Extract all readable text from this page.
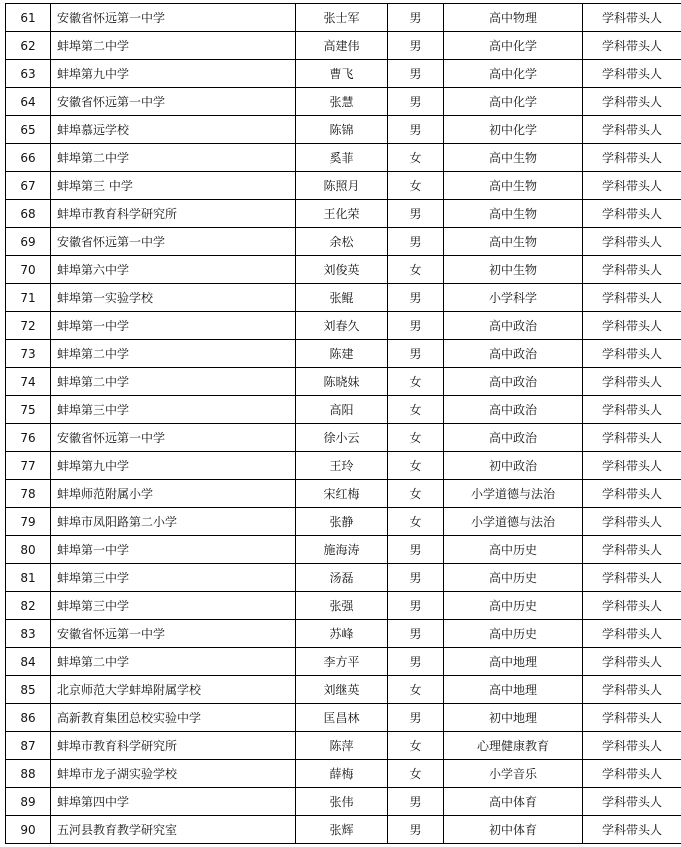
61	安徽省怀远第一中学	张士军	男	高中物理	学科带头人
62	蚌埠第二中学	高建伟	男	高中化学	学科带头人
63	蚌埠第九中学	曹飞	男	高中化学	学科带头人
64	安徽省怀远第一中学	张慧	男	高中化学	学科带头人
65	蚌埠慕远学校	陈锦	男	初中化学	学科带头人
66	蚌埠第二中学	奚菲	女	高中生物	学科带头人
67	蚌埠第三 中学	陈照月	女	高中生物	学科带头人
68	蚌埠市教育科学研究所	王化荣	男	高中生物	学科带头人
69	安徽省怀远第一中学	余松	男	高中生物	学科带头人
70	蚌埠第六中学	刘俊英	女	初中生物	学科带头人
71	蚌埠第一实验学校	张鲲	男	小学科学	学科带头人
72	蚌埠第一中学	刘春久	男	高中政治	学科带头人
73	蚌埠第二中学	陈建	男	高中政治	学科带头人
74	蚌埠第二中学	陈晓妹	女	高中政治	学科带头人
75	蚌埠第三中学	高阳	女	高中政治	学科带头人
76	安徽省怀远第一中学	徐小云	女	高中政治	学科带头人
77	蚌埠第九中学	王玲	女	初中政治	学科带头人
78	蚌埠师范附属小学	宋红梅	女	小学道德与法治	学科带头人
79	蚌埠市凤阳路第二小学	张静	女	小学道德与法治	学科带头人
80	蚌埠第一中学	施海涛	男	高中历史	学科带头人
81	蚌埠第三中学	汤磊	男	高中历史	学科带头人
82	蚌埠第三中学	张强	男	高中历史	学科带头人
83	安徽省怀远第一中学	苏峰	男	高中历史	学科带头人
84	蚌埠第二中学	李方平	男	高中地理	学科带头人
85	北京师范大学蚌埠附属学校	刘继英	女	高中地理	学科带头人
86	高新教育集团总校实验中学	匡昌林	男	初中地理	学科带头人
87	蚌埠市教育科学研究所	陈萍	女	心理健康教育	学科带头人
88	蚌埠市龙子湖实验学校	薛梅	女	小学音乐	学科带头人
89	蚌埠第四中学	张伟	男	高中体育	学科带头人
90	五河县教育教学研究室	张辉	男	初中体育	学科带头人
